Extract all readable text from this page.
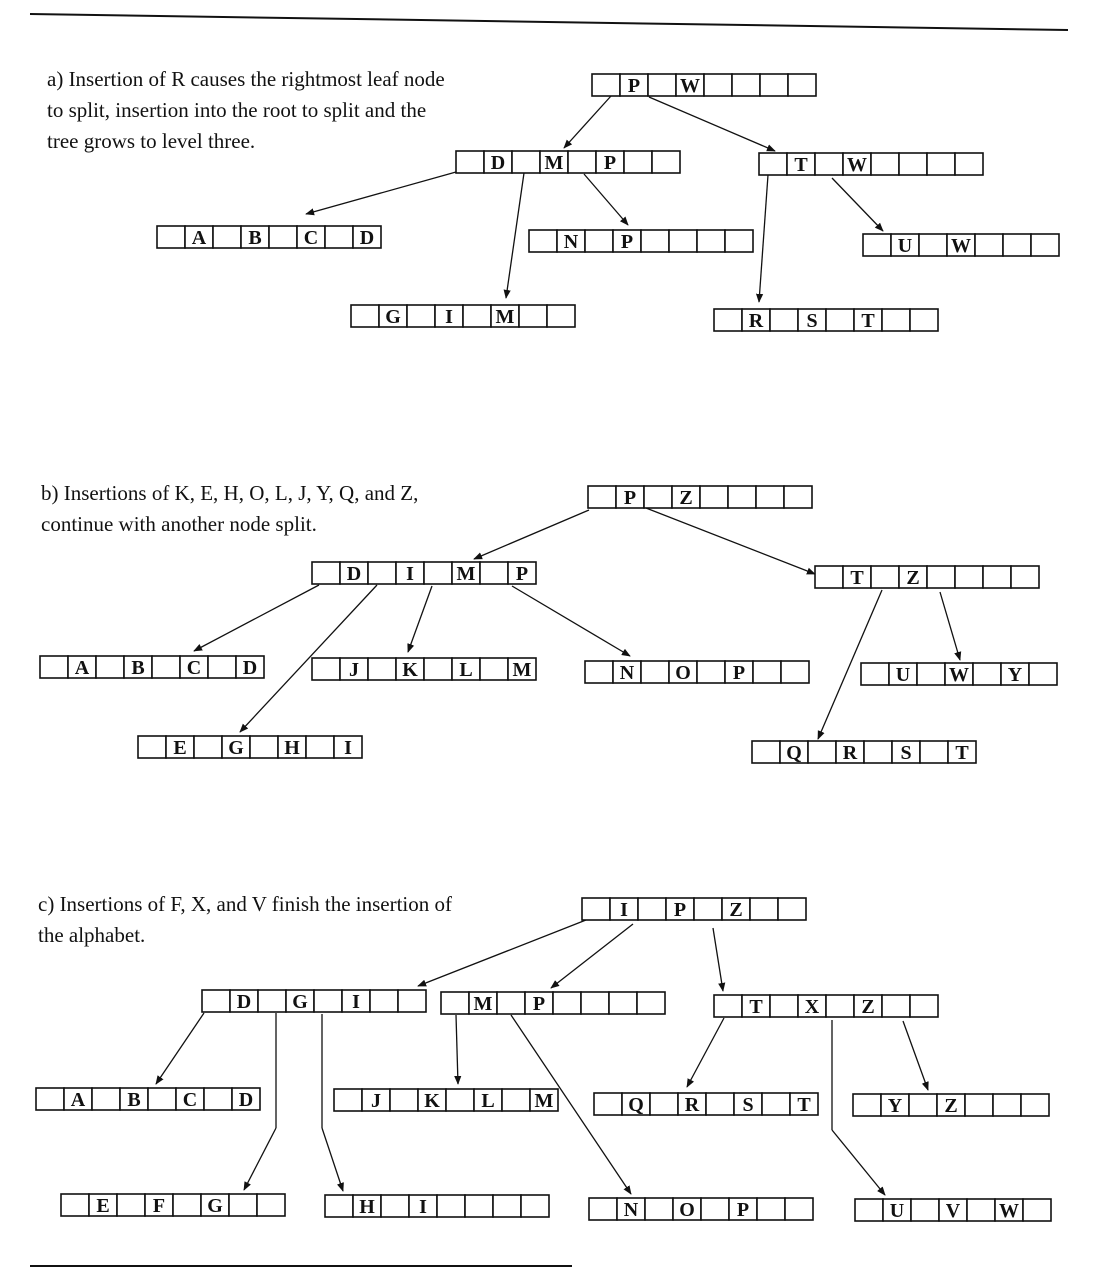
a) Insertion of R causes the rightmost leaf node to split, insertion into the root to split and the tree grows to level three.

b) Insertions of K, E, H, O, L, J, Y, Q, and Z, continue with another node split.

c) Insertions of F, X, and V finish the insertion of the alphabet.

P W
D M P	T W
A B C D
G I M
N P
R S T
U W
P Z
D I M P	T Z
A B C D
E G H I
J K L M	N O P
Q R S T
U W Y
I P Z
D G I	M P	T X Z
A B C D
E F G	H I
J K L M
N O P
Q R S T
U V W
Y Z
